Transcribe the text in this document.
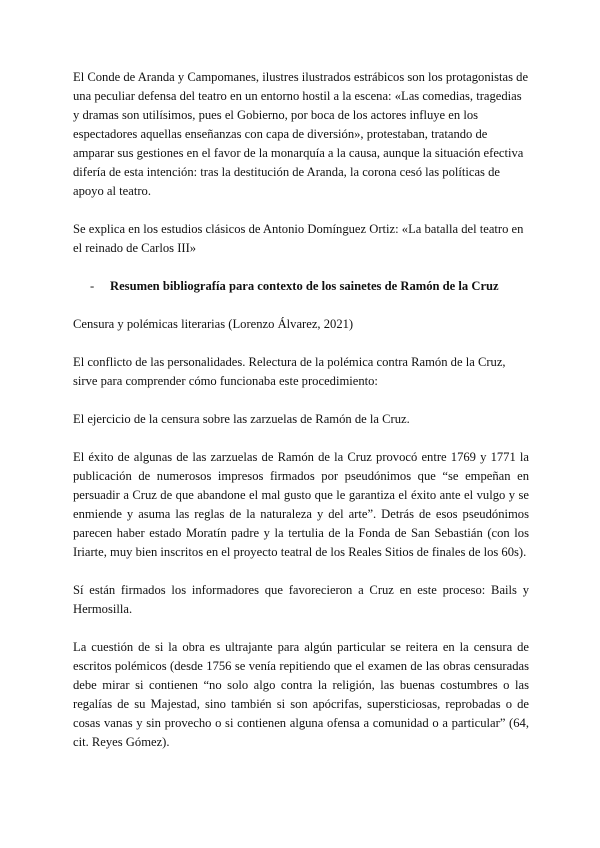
El Conde de Aranda y Campomanes, ilustres ilustrados estrábicos son los protagonistas de una peculiar defensa del teatro en un entorno hostil a la escena: «Las comedias, tragedias y dramas son utilísimos, pues el Gobierno, por boca de los actores influye en los espectadores aquellas enseñanzas con capa de diversión», protestaban, tratando de amparar sus gestiones en el favor de la monarquía a la causa, aunque la situación efectiva difería de esta intención: tras la destitución de Aranda, la corona cesó las políticas de apoyo al teatro.

Se explica en los estudios clásicos de Antonio Domínguez Ortiz: «La batalla del teatro en el reinado de Carlos III»

-	Resumen bibliografía para contexto de los sainetes de Ramón de la Cruz

Censura y polémicas literarias (Lorenzo Álvarez, 2021)

El conflicto de las personalidades. Relectura de la polémica contra Ramón de la Cruz, sirve para comprender cómo funcionaba este procedimiento:

El ejercicio de la censura sobre las zarzuelas de Ramón de la Cruz.

El éxito de algunas de las zarzuelas de Ramón de la Cruz provocó entre 1769 y 1771 la publicación de numerosos impresos firmados por pseudónimos que “se empeñan en persuadir a Cruz de que abandone el mal gusto que le garantiza el éxito ante el vulgo y se enmiende y asuma las reglas de la naturaleza y del arte”. Detrás de esos pseudónimos parecen haber estado Moratín padre y la tertulia de la Fonda de San Sebastián (con los Iriarte, muy bien inscritos en el proyecto teatral de los Reales Sitios de finales de los 60s).

Sí están firmados los informadores que favorecieron a Cruz en este proceso: Bails y Hermosilla.

La cuestión de si la obra es ultrajante para algún particular se reitera en la censura de escritos polémicos (desde 1756 se venía repitiendo que el examen de las obras censuradas debe mirar si contienen “no solo algo contra la religión, las buenas costumbres o las regalías de su Majestad, sino también si son apócrifas, supersticiosas, reprobadas o de cosas vanas y sin provecho o si contienen alguna ofensa a comunidad o a particular” (64, cit. Reyes Gómez).
